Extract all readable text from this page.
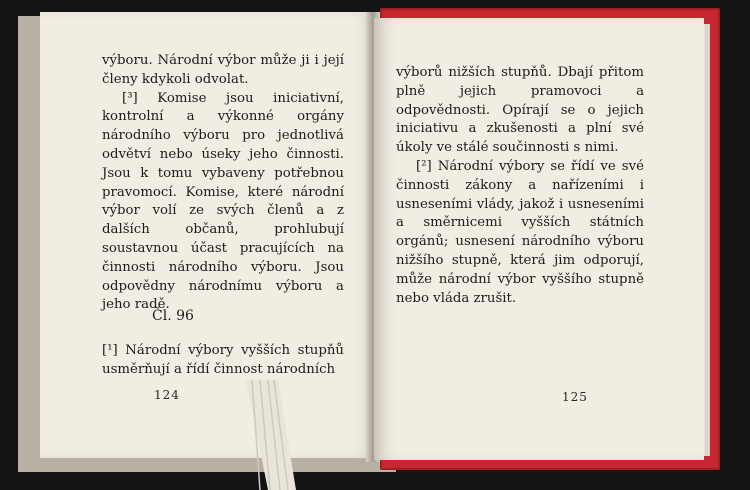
výboru. Národní výbor může ji i její členy kdykoli odvolat.

[³] Komise jsou iniciativní, kontrolní a výkonné orgány národního výboru pro jednotlivá odvětví nebo úseky jeho činnosti. Jsou k tomu vybaveny potřebnou pravomocí. Komise, které národní výbor volí ze svých členů a z dalších občanů, prohlubují soustavnou účast pracujících na činnosti národního výboru. Jsou odpovědny národnímu výboru a jeho radě.

Čl. 96
[¹] Národní výbory vyšších stupňů usměrňují a řídí činnost národních
124

výborů nižších stupňů. Dbají přitom plně jejich pramovoci a odpovědnosti. Opírají se o jejich iniciativu a zkušenosti a plní své úkoly ve stálé součinnosti s nimi.

[²] Národní výbory se řídí ve své činnosti zákony a nařízeními i usneseními vlády, jakož i usneseními a směrnicemi vyšších státních orgánů; usnesení národního výboru nižšího stupně, která jim odporují, může národní výbor vyššího stupně nebo vláda zrušit.

125
